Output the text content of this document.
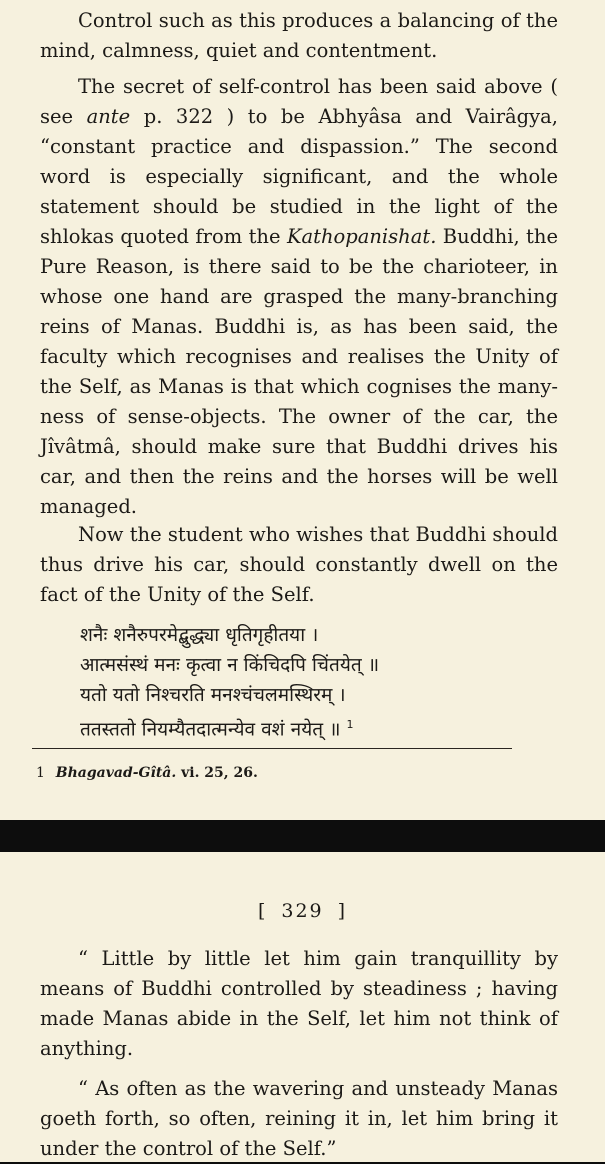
Control such as this produces a balancing of the mind, calmness, quiet and contentment.

The secret of self-control has been said above ( see ante p. 322 ) to be Abhyâsa and Vairâgya, “constant practice and dispassion.” The second word is especially significant, and the whole statement should be studied in the light of the shlokas quoted from the Kathopanishat. Buddhi, the Pure Reason, is there said to be the charioteer, in whose one hand are grasped the many-branching reins of Manas. Buddhi is, as has been said, the faculty which recognises and realises the Unity of the Self, as Manas is that which cognises the many-ness of sense-objects. The owner of the car, the Jîvâtmâ, should make sure that Buddhi drives his car, and then the reins and the horses will be well managed.

Now the student who wishes that Buddhi should thus drive his car, should constantly dwell on the fact of the Unity of the Self.

शनैः शनैरुपरमेद्बुद्ध्या धृतिगृहीतया ।
आत्मसंस्थं मनः कृत्वा न किंचिदपि चिंतयेत् ॥
यतो यतो निश्चरति मनश्चंचलमस्थिरम् ।
ततस्ततो नियम्यैतदात्मन्येव वशं नयेत् ॥ $^1$
1 Bhagavad-Gîtâ. vi. 25, 26.
[ 329 ]

“ Little by little let him gain tranquillity by means of Buddhi controlled by steadiness ; having made Manas abide in the Self, let him not think of anything.

“ As often as the wavering and unsteady Manas goeth forth, so often, reining it in, let him bring it under the control of the Self.”
